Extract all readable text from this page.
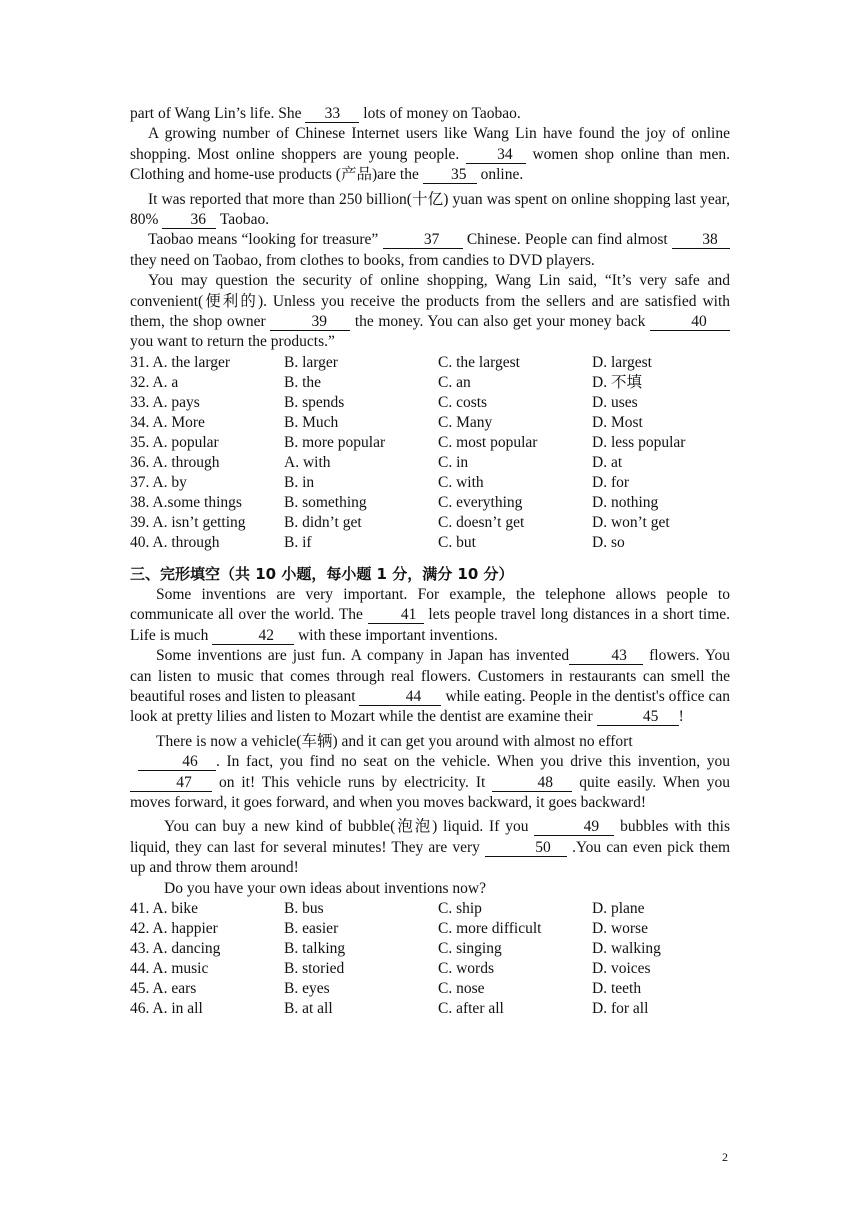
part of Wang Lin’s life. She 33 lots of money on Taobao.

A growing number of Chinese Internet users like Wang Lin have found the joy of online shopping. Most online shoppers are young people. 34 women shop online than men. Clothing and home-use products (产品)are the 35 online.

It was reported that more than 250 billion(十亿) yuan was spent on online shopping last year, 80% 36 Taobao.

Taobao means “looking for treasure”	37 Chinese. People can find almost 38 they need on Taobao, from clothes to books, from candies to DVD players.

You may question the security of online shopping, Wang Lin said, “It’s very safe and convenient(便利的). Unless you receive the products from the sellers and are satisfied with them, the shop owner	39 the money. You can also get your money back	40 you want to return the products.”

31. A. the larger	B. larger	C. the largest	D. largest
32. A. a	B. the	C. an	D. 不填
33. A. pays	B. spends	C. costs	D. uses
34. A. More	B. Much	C. Many	D. Most
35. A. popular	B. more popular	C. most popular	D. less popular
36. A. through	A. with	C. in	D. at
37. A. by	B. in	C. with	D. for
38. A.some things	B. something	C. everything	D. nothing
39. A. isn’t getting	B. didn’t get	C. doesn’t get	D. won’t get
40. A. through	B. if	C. but	D. so
三、完形填空（共 10 小题，每小题 1 分，满分 10 分）

Some inventions are very important. For example, the telephone allows people to communicate all over the world. The 41 lets people travel long distances in a short time. Life is much	42 with these important inventions.

Some inventions are just fun. A company in Japan has invented	43 flowers. You can listen to music that comes through real flowers. Customers in restaurants can smell the beautiful roses and listen to pleasant	44 while eating. People in the dentist's office can look at pretty lilies and listen to Mozart while the dentist are examine their	45 !

There is now a vehicle(车辆) and it can get you around with almost no effort
46 . In fact, you find no seat on the vehicle. When you drive this invention, you 47 on it! This vehicle runs by electricity. It	48 quite easily. When you moves forward, it goes forward, and when you moves backward, it goes backward!

You can buy a new kind of bubble(泡泡) liquid. If you	49 bubbles with this liquid, they can last for several minutes! They are very	50 .You can even pick them up and throw them around!

Do you have your own ideas about inventions now?

41. A. bike	B. bus	C. ship	D. plane
42. A. happier	B. easier	C. more difficult	D. worse
43. A. dancing	B. talking	C. singing	D. walking
44. A. music	B. storied	C. words	D. voices
45. A. ears	B. eyes	C. nose	D. teeth
46. A. in all	B. at all	C. after all	D. for all
2
